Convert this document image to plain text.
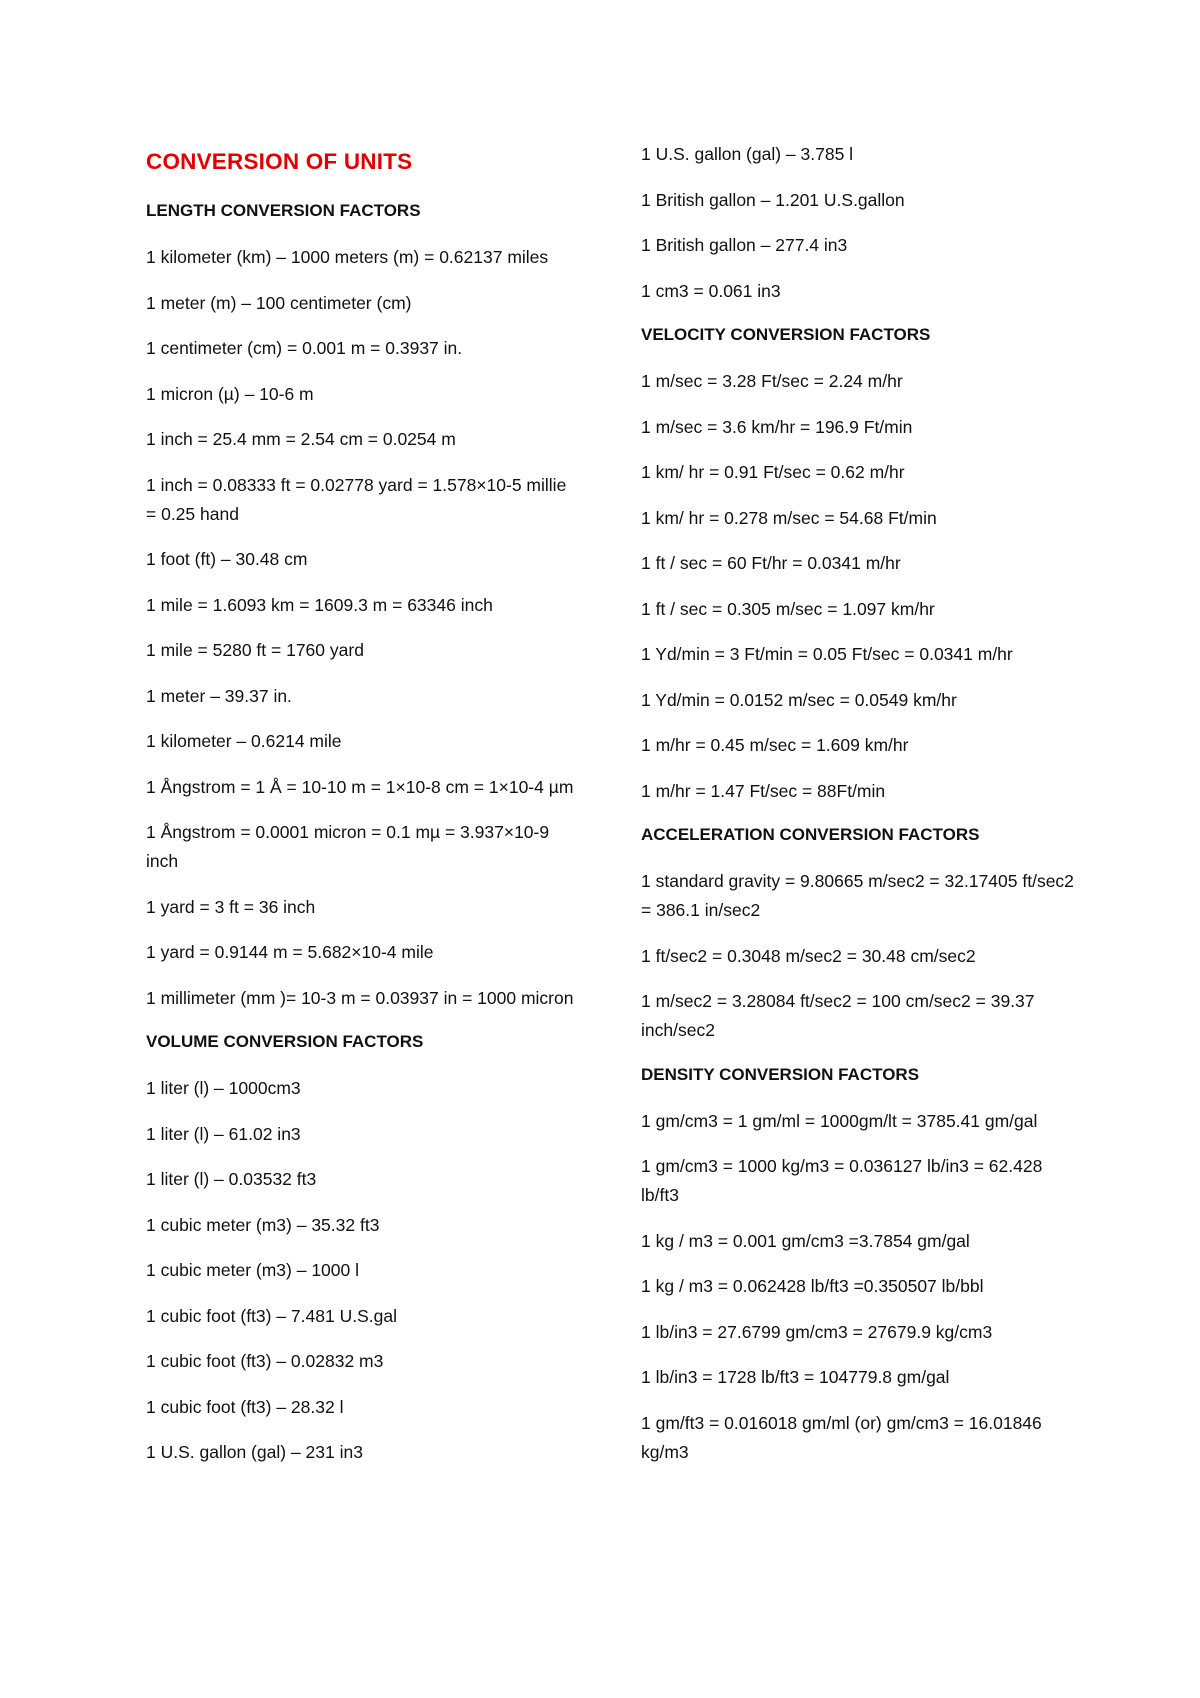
CONVERSION OF UNITS
LENGTH CONVERSION FACTORS
1 kilometer (km) – 1000 meters (m) = 0.62137 miles
1 meter (m) – 100 centimeter (cm)
1 centimeter (cm) = 0.001 m = 0.3937 in.
1 micron (µ) – 10-6 m
1 inch = 25.4 mm = 2.54 cm = 0.0254 m
1 inch = 0.08333 ft = 0.02778 yard = 1.578×10-5 millie = 0.25 hand
1 foot (ft) – 30.48 cm
1 mile = 1.6093 km = 1609.3 m = 63346 inch
1 mile = 5280 ft = 1760 yard
1 meter – 39.37 in.
1 kilometer – 0.6214 mile
1 Ångstrom = 1 Å = 10-10 m = 1×10-8 cm = 1×10-4 µm
1 Ångstrom = 0.0001 micron = 0.1 mµ = 3.937×10-9 inch
1 yard = 3 ft = 36 inch
1 yard = 0.9144 m = 5.682×10-4 mile
1 millimeter (mm )= 10-3 m = 0.03937 in = 1000 micron
VOLUME CONVERSION FACTORS
1 liter (l) – 1000cm3
1 liter (l) – 61.02 in3
1 liter (l) – 0.03532 ft3
1 cubic meter (m3) – 35.32 ft3
1 cubic meter (m3) – 1000 l
1 cubic foot (ft3) – 7.481 U.S.gal
1 cubic foot (ft3) – 0.02832 m3
1 cubic foot (ft3) – 28.32 l
1 U.S. gallon (gal) – 231 in3
1 U.S. gallon (gal) – 3.785 l
1 British gallon – 1.201 U.S.gallon
1 British gallon – 277.4 in3
1 cm3 = 0.061 in3
VELOCITY CONVERSION FACTORS
1 m/sec = 3.28 Ft/sec = 2.24 m/hr
1 m/sec = 3.6 km/hr = 196.9 Ft/min
1 km/ hr = 0.91 Ft/sec = 0.62 m/hr
1 km/ hr = 0.278 m/sec = 54.68 Ft/min
1 ft / sec = 60 Ft/hr = 0.0341 m/hr
1 ft / sec = 0.305 m/sec = 1.097 km/hr
1 Yd/min = 3 Ft/min = 0.05 Ft/sec = 0.0341 m/hr
1 Yd/min = 0.0152 m/sec = 0.0549 km/hr
1 m/hr = 0.45 m/sec = 1.609 km/hr
1 m/hr = 1.47 Ft/sec = 88Ft/min
ACCELERATION CONVERSION FACTORS
1 standard gravity = 9.80665 m/sec2 = 32.17405 ft/sec2 = 386.1 in/sec2
1 ft/sec2 = 0.3048 m/sec2 = 30.48 cm/sec2
1 m/sec2 = 3.28084 ft/sec2 = 100 cm/sec2 = 39.37 inch/sec2
DENSITY CONVERSION FACTORS
1 gm/cm3 = 1 gm/ml = 1000gm/lt = 3785.41 gm/gal
1 gm/cm3 = 1000 kg/m3 = 0.036127 lb/in3 = 62.428 lb/ft3
1 kg / m3 = 0.001 gm/cm3 =3.7854 gm/gal
1 kg / m3 = 0.062428 lb/ft3 =0.350507 lb/bbl
1 lb/in3 = 27.6799 gm/cm3 = 27679.9 kg/cm3
1 lb/in3 = 1728 lb/ft3 = 104779.8 gm/gal
1 gm/ft3 = 0.016018 gm/ml (or) gm/cm3 = 16.01846 kg/m3
